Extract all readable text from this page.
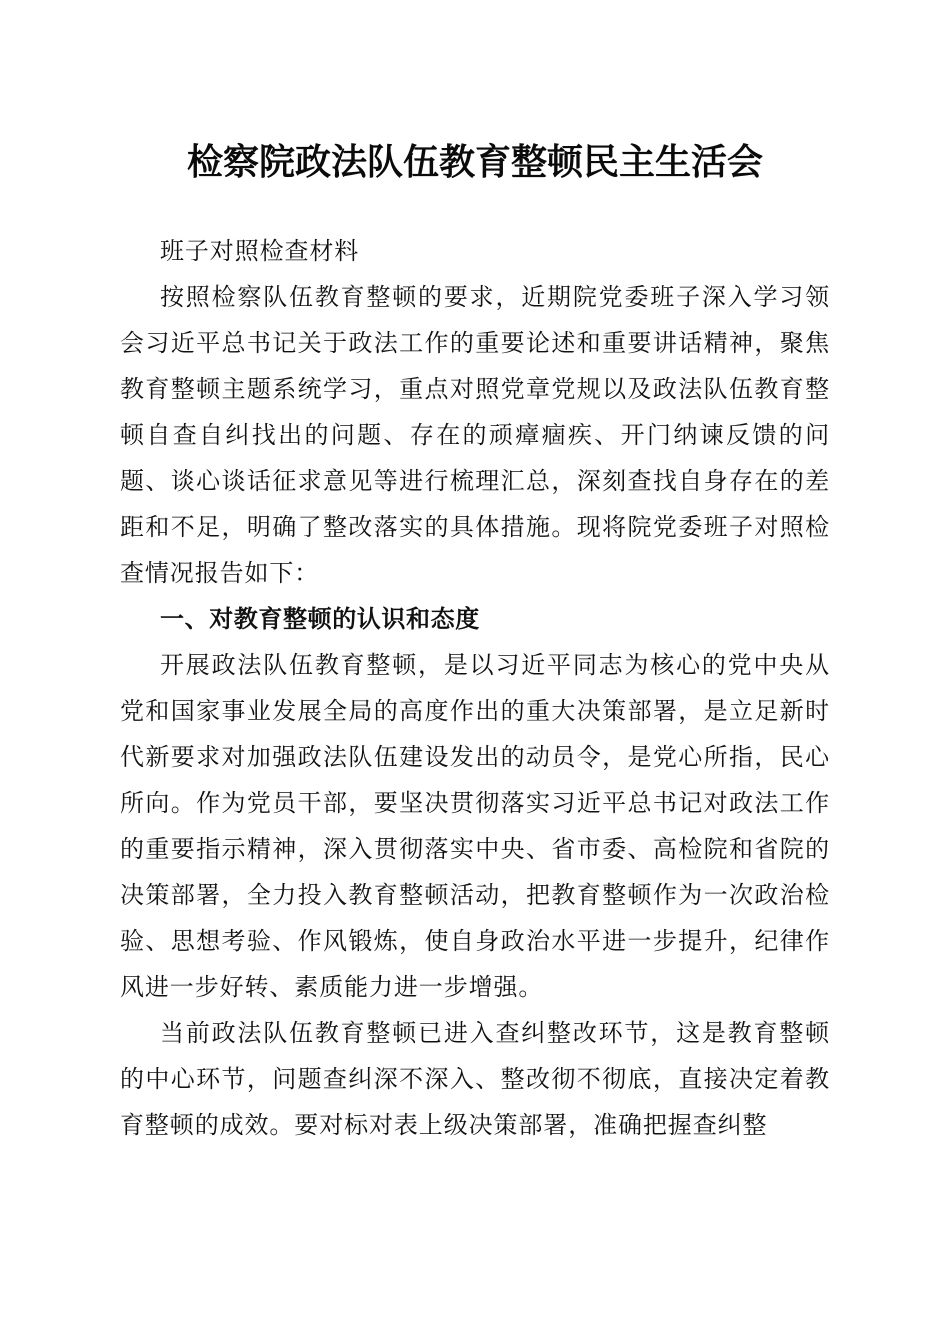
检察院政法队伍教育整顿民主生活会

班子对照检查材料

按照检察队伍教育整顿的要求，近期院党委班子深入学习领会习近平总书记关于政法工作的重要论述和重要讲话精神，聚焦教育整顿主题系统学习，重点对照党章党规以及政法队伍教育整顿自查自纠找出的问题、存在的顽瘴痼疾、开门纳谏反馈的问题、谈心谈话征求意见等进行梳理汇总，深刻查找自身存在的差距和不足，明确了整改落实的具体措施。现将院党委班子对照检查情况报告如下：

一、对教育整顿的认识和态度

开展政法队伍教育整顿，是以习近平同志为核心的党中央从党和国家事业发展全局的高度作出的重大决策部署，是立足新时代新要求对加强政法队伍建设发出的动员令，是党心所指，民心所向。作为党员干部，要坚决贯彻落实习近平总书记对政法工作的重要指示精神，深入贯彻落实中央、省市委、高检院和省院的决策部署，全力投入教育整顿活动，把教育整顿作为一次政治检验、思想考验、作风锻炼，使自身政治水平进一步提升，纪律作风进一步好转、素质能力进一步增强。

当前政法队伍教育整顿已进入查纠整改环节，这是教育整顿的中心环节，问题查纠深不深入、整改彻不彻底，直接决定着教育整顿的成效。要对标对表上级决策部署，准确把握查纠整
